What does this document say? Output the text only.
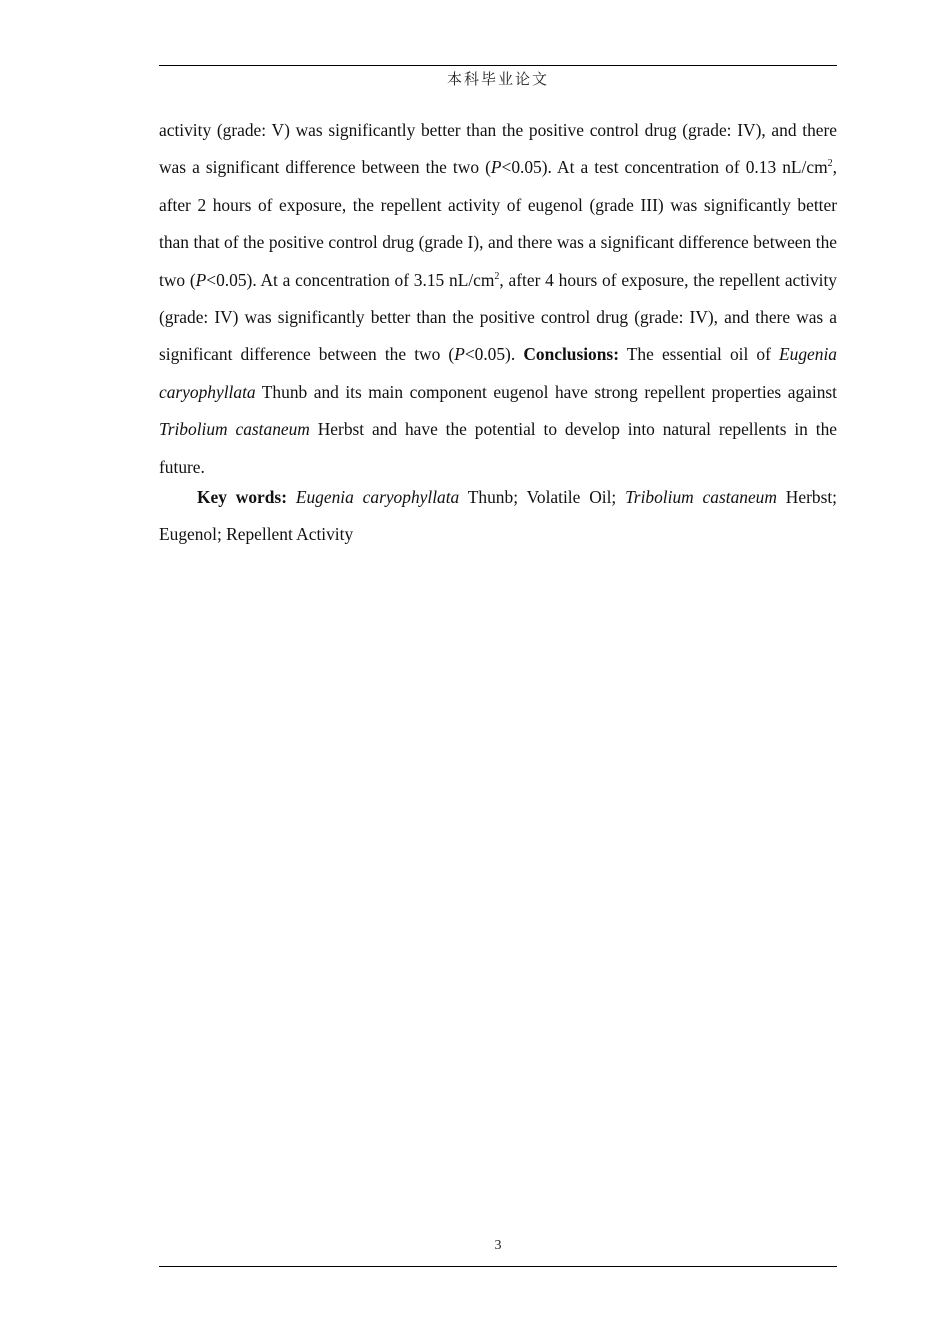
本科毕业论文

activity (grade: V) was significantly better than the positive control drug (grade: IV), and there was a significant difference between the two (P<0.05). At a test concentration of 0.13 $nL/cm^2$, after 2 hours of exposure, the repellent activity of eugenol (grade III) was significantly better than that of the positive control drug (grade I), and there was a significant difference between the two (P<0.05). At a concentration of 3.15 $nL/cm^2$, after 4 hours of exposure, the repellent activity (grade: IV) was significantly better than the positive control drug (grade: IV), and there was a significant difference between the two (P<0.05). Conclusions: The essential oil of Eugenia caryophyllata Thunb and its main component eugenol have strong repellent properties against Tribolium castaneum Herbst and have the potential to develop into natural repellents in the future.

Key words: Eugenia caryophyllata Thunb; Volatile Oil; Tribolium castaneum Herbst; Eugenol; Repellent Activity

3
